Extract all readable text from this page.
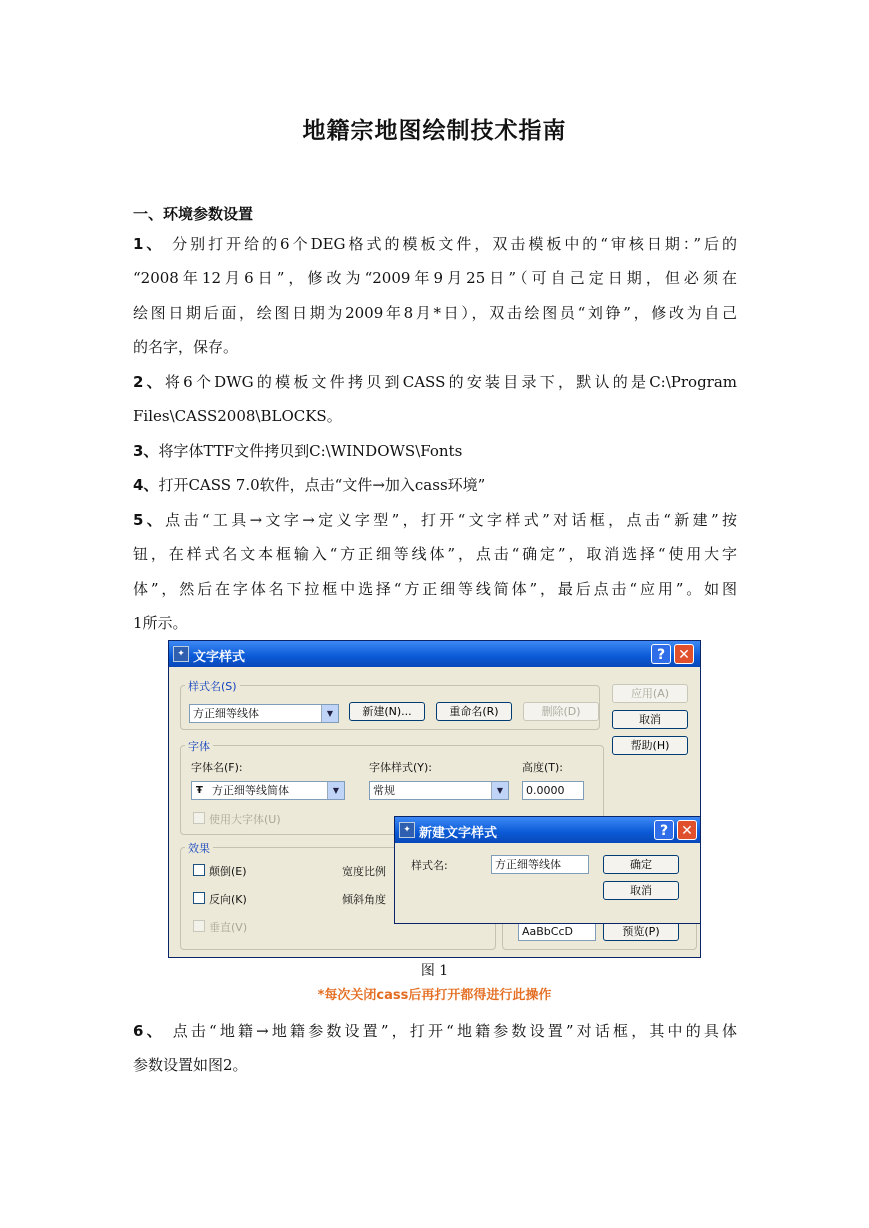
地籍宗地图绘制技术指南
一、环境参数设置
1、 分别打开给的6个DEG格式的模板文件，双击模板中的“审核日期：”后的
“2008年12月6日”，修改为“2009年9月25日”（可自己定日期，但必须在
绘图日期后面，绘图日期为2009年8月*日），双击绘图员“刘铮”，修改为自己
的名字，保存。
2、将6个DWG的模板文件拷贝到CASS的安装目录下，默认的是C:\Program
Files\CASS2008\BLOCKS。
3、将字体TTF文件拷贝到C:\WINDOWS\Fonts
4、打开CASS 7.0软件，点击“文件→加入cass环境”
5、点击“工具→文字→定义字型”，打开“文字样式”对话框，点击“新建”按
钮，在样式名文本框输入“方正细等线体”，点击“确定”，取消选择“使用大字
体”，然后在字体名下拉框中选择“方正细等线简体”，最后点击“应用”。如图
1所示。
✦ 文字样式	? ✕
样式名(S)
方正细等线体	▼	新建(N)...	重命名(R)	删除(D)
应用(A)
取消
帮助(H)
字体
字体名(F):
Ŧ 方正细等线简体	▼
字体样式(Y):
常规	▼
高度(T):
0.0000
使用大字体(U)
效果
颠倒(E)
反向(K)
垂直(V)
宽度比例
倾斜角度
AaBbCcD	预览(P)
✦ 新建文字样式	? ✕
样式名:	方正细等线体	确定
取消
图 1
*每次关闭cass后再打开都得进行此操作
6、 点击“地籍→地籍参数设置”，打开“地籍参数设置”对话框，其中的具体
参数设置如图2。
